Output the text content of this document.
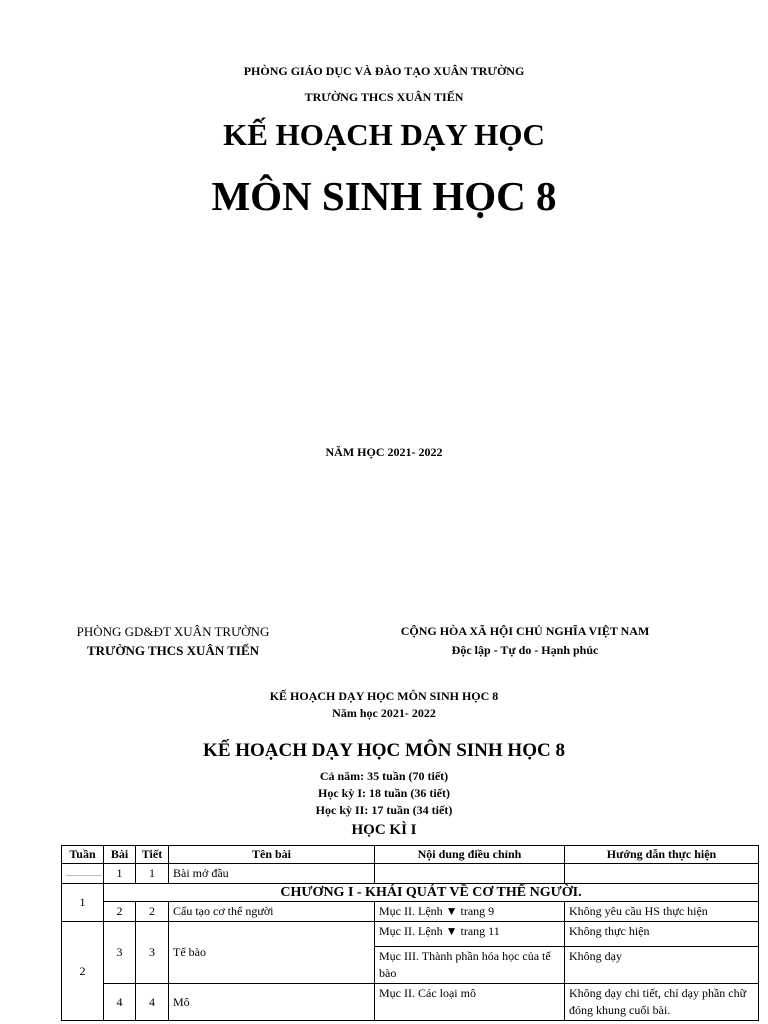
PHÒNG GIÁO DỤC VÀ ĐÀO TẠO XUÂN TRƯỜNG
TRƯỜNG THCS XUÂN TIẾN
KẾ HOẠCH DẠY HỌC
MÔN SINH HỌC 8
NĂM HỌC 2021- 2022
PHÒNG GD&ĐT XUÂN TRƯỜNG
TRƯỜNG THCS XUÂN TIẾN
CỘNG HÒA XÃ HỘI CHỦ NGHĨA VIỆT NAM
Độc lập - Tự do - Hạnh phúc
KẾ HOẠCH DẠY HỌC MÔN SINH HỌC 8
Năm học 2021- 2022
KẾ HOẠCH DẠY HỌC MÔN SINH HỌC 8
Cả năm: 35 tuần (70 tiết)
Học kỳ I: 18 tuần (36 tiết)
Học kỳ II: 17 tuần (34 tiết)
HỌC KÌ I
Tuần	Bài	Tiết	Tên bài	Nội dung điều chỉnh	Hướng dẫn thực hiện
..................	1	1	Bài mở đầu		
1	CHƯƠNG I - KHÁI QUÁT VỀ CƠ THỂ NGƯỜI.				
	2	2	Cấu tạo cơ thể người	Mục II. Lệnh ▼ trang 9	Không yêu cầu HS thực hiện
2	3	3	Tế bào	Mục II. Lệnh ▼ trang 11	Không thực hiện
				Mục III. Thành phần hóa học của tế bào	Không dạy
	4	4	Mô	Mục II. Các loại mô	Không dạy chi tiết, chỉ dạy phần chữ đóng khung cuối bài.
